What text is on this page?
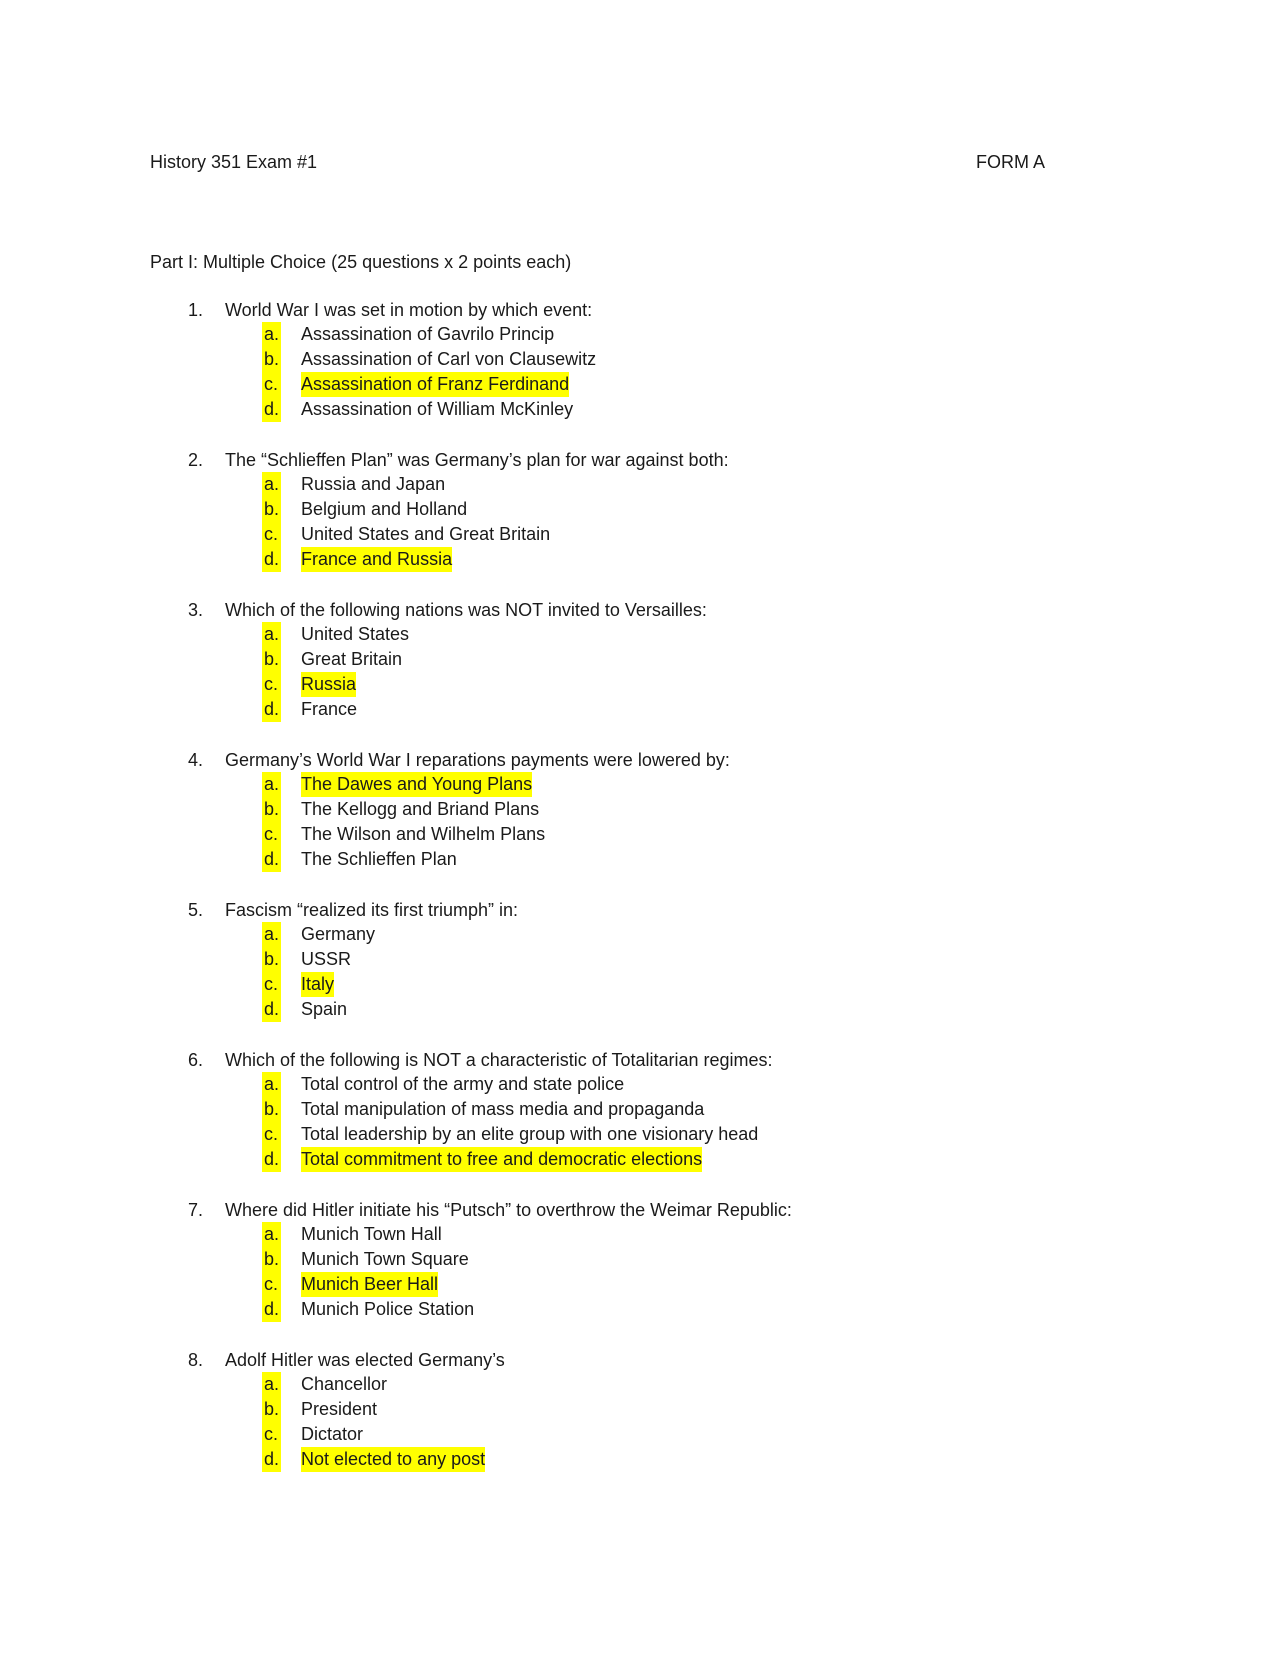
History 351 Exam #1	FORM A
Part I: Multiple Choice (25 questions x 2 points each)
1. World War I was set in motion by which event:
a. Assassination of Gavrilo Princip
b. Assassination of Carl von Clausewitz
c. Assassination of Franz Ferdinand
d. Assassination of William McKinley
2. The “Schlieffen Plan” was Germany’s plan for war against both:
a. Russia and Japan
b. Belgium and Holland
c. United States and Great Britain
d. France and Russia
3. Which of the following nations was NOT invited to Versailles:
a. United States
b. Great Britain
c. Russia
d. France
4. Germany’s World War I reparations payments were lowered by:
a. The Dawes and Young Plans
b. The Kellogg and Briand Plans
c. The Wilson and Wilhelm Plans
d. The Schlieffen Plan
5. Fascism “realized its first triumph” in:
a. Germany
b. USSR
c. Italy
d. Spain
6. Which of the following is NOT a characteristic of Totalitarian regimes:
a. Total control of the army and state police
b. Total manipulation of mass media and propaganda
c. Total leadership by an elite group with one visionary head
d. Total commitment to free and democratic elections
7. Where did Hitler initiate his “Putsch” to overthrow the Weimar Republic:
a. Munich Town Hall
b. Munich Town Square
c. Munich Beer Hall
d. Munich Police Station
8. Adolf Hitler was elected Germany’s
a. Chancellor
b. President
c. Dictator
d. Not elected to any post
